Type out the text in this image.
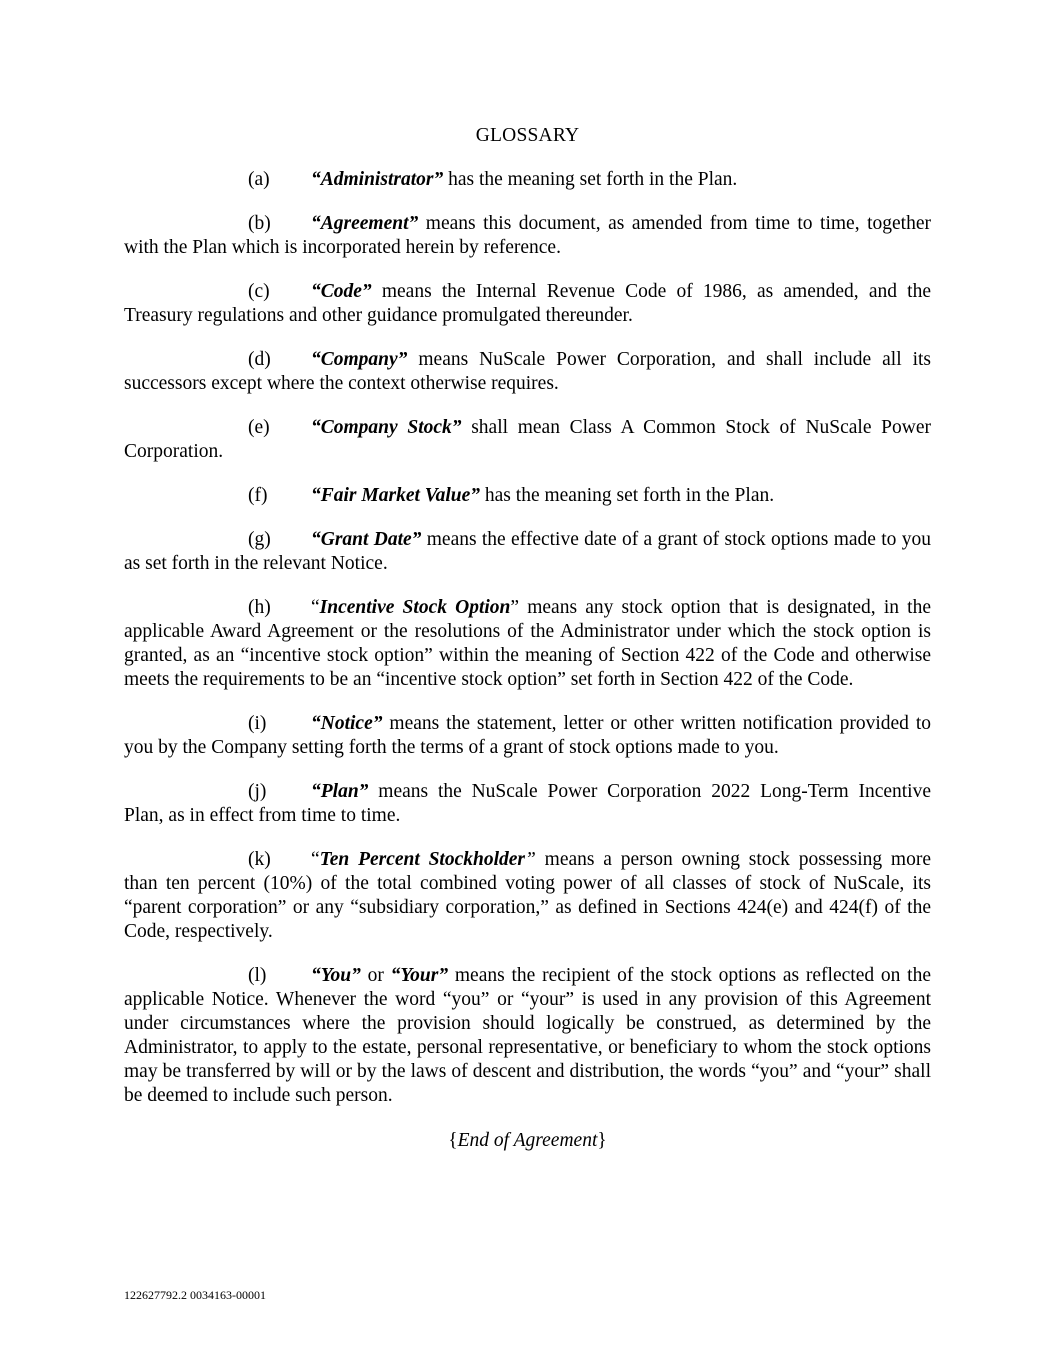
GLOSSARY
(a) “Administrator” has the meaning set forth in the Plan.
(b) “Agreement” means this document, as amended from time to time, together with the Plan which is incorporated herein by reference.
(c) “Code” means the Internal Revenue Code of 1986, as amended, and the Treasury regulations and other guidance promulgated thereunder.
(d) “Company” means NuScale Power Corporation, and shall include all its successors except where the context otherwise requires.
(e) “Company Stock” shall mean Class A Common Stock of NuScale Power Corporation.
(f) “Fair Market Value” has the meaning set forth in the Plan.
(g) “Grant Date” means the effective date of a grant of stock options made to you as set forth in the relevant Notice.
(h) “Incentive Stock Option” means any stock option that is designated, in the applicable Award Agreement or the resolutions of the Administrator under which the stock option is granted, as an “incentive stock option” within the meaning of Section 422 of the Code and otherwise meets the requirements to be an “incentive stock option” set forth in Section 422 of the Code.
(i) “Notice” means the statement, letter or other written notification provided to you by the Company setting forth the terms of a grant of stock options made to you.
(j) “Plan” means the NuScale Power Corporation 2022 Long-Term Incentive Plan, as in effect from time to time.
(k) “Ten Percent Stockholder” means a person owning stock possessing more than ten percent (10%) of the total combined voting power of all classes of stock of NuScale, its “parent corporation” or any “subsidiary corporation,” as defined in Sections 424(e) and 424(f) of the Code, respectively.
(l) “You” or “Your” means the recipient of the stock options as reflected on the applicable Notice. Whenever the word “you” or “your” is used in any provision of this Agreement under circumstances where the provision should logically be construed, as determined by the Administrator, to apply to the estate, personal representative, or beneficiary to whom the stock options may be transferred by will or by the laws of descent and distribution, the words “you” and “your” shall be deemed to include such person.
{End of Agreement}
122627792.2 0034163-00001
